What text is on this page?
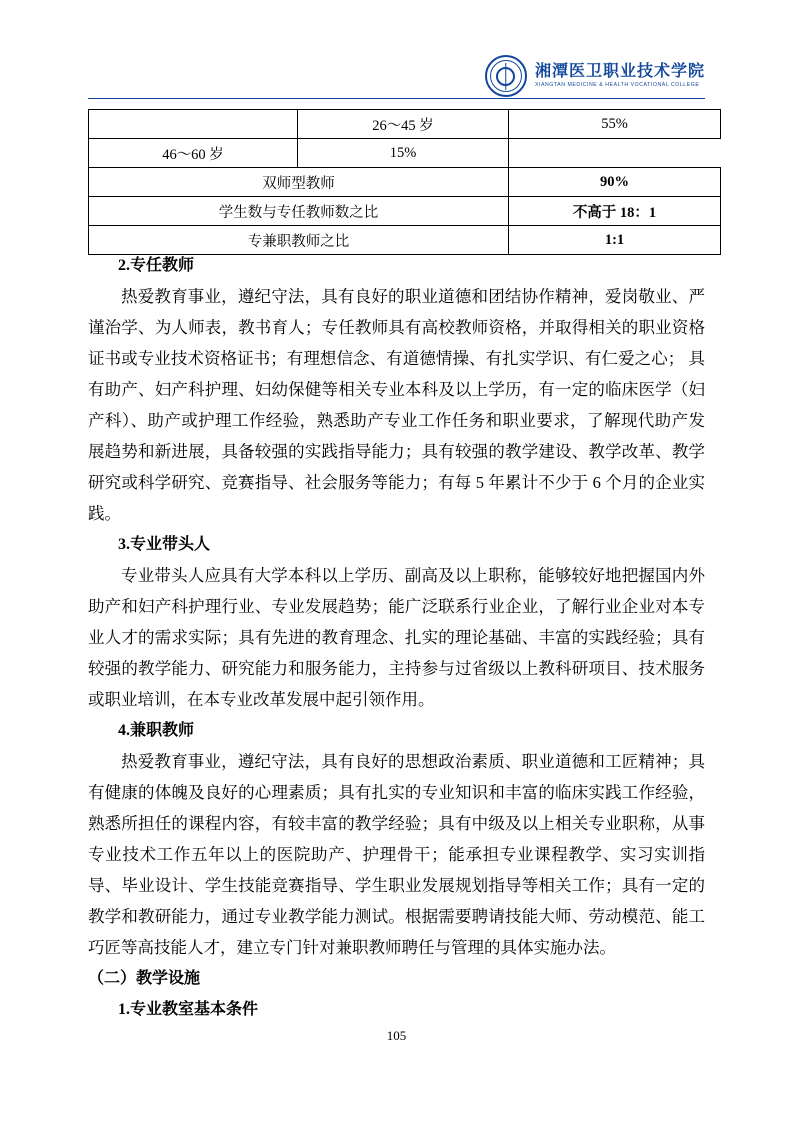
湘潭医卫职业技术学院
XIANGTAN MEDICINE & HEALTH VOCATIONAL COLLEGE
	26～45 岁	55%
46～60 岁	15%	
双师型教师		90%
学生数与专任教师数之比		不高于 18：1
专兼职教师之比		1:1
2.专任教师

热爱教育事业，遵纪守法，具有良好的职业道德和团结协作精神，爱岗敬业、严谨治学、为人师表，教书育人；专任教师具有高校教师资格，并取得相关的职业资格证书或专业技术资格证书；有理想信念、有道德情操、有扎实学识、有仁爱之心； 具有助产、妇产科护理、妇幼保健等相关专业本科及以上学历，有一定的临床医学（妇产科）、助产或护理工作经验，熟悉助产专业工作任务和职业要求，了解现代助产发展趋势和新进展，具备较强的实践指导能力；具有较强的教学建设、教学改革、教学研究或科学研究、竞赛指导、社会服务等能力；有每 5 年累计不少于 6 个月的企业实践。

3.专业带头人

专业带头人应具有大学本科以上学历、副高及以上职称，能够较好地把握国内外助产和妇产科护理行业、专业发展趋势；能广泛联系行业企业，了解行业企业对本专业人才的需求实际；具有先进的教育理念、扎实的理论基础、丰富的实践经验；具有较强的教学能力、研究能力和服务能力，主持参与过省级以上教科研项目、技术服务或职业培训，在本专业改革发展中起引领作用。

4.兼职教师

热爱教育事业，遵纪守法，具有良好的思想政治素质、职业道德和工匠精神；具有健康的体魄及良好的心理素质；具有扎实的专业知识和丰富的临床实践工作经验，熟悉所担任的课程内容，有较丰富的教学经验；具有中级及以上相关专业职称，从事专业技术工作五年以上的医院助产、护理骨干；能承担专业课程教学、实习实训指导、毕业设计、学生技能竞赛指导、学生职业发展规划指导等相关工作；具有一定的教学和教研能力，通过专业教学能力测试。根据需要聘请技能大师、劳动模范、能工巧匠等高技能人才，建立专门针对兼职教师聘任与管理的具体实施办法。

（二）教学设施
1.专业教室基本条件
105
